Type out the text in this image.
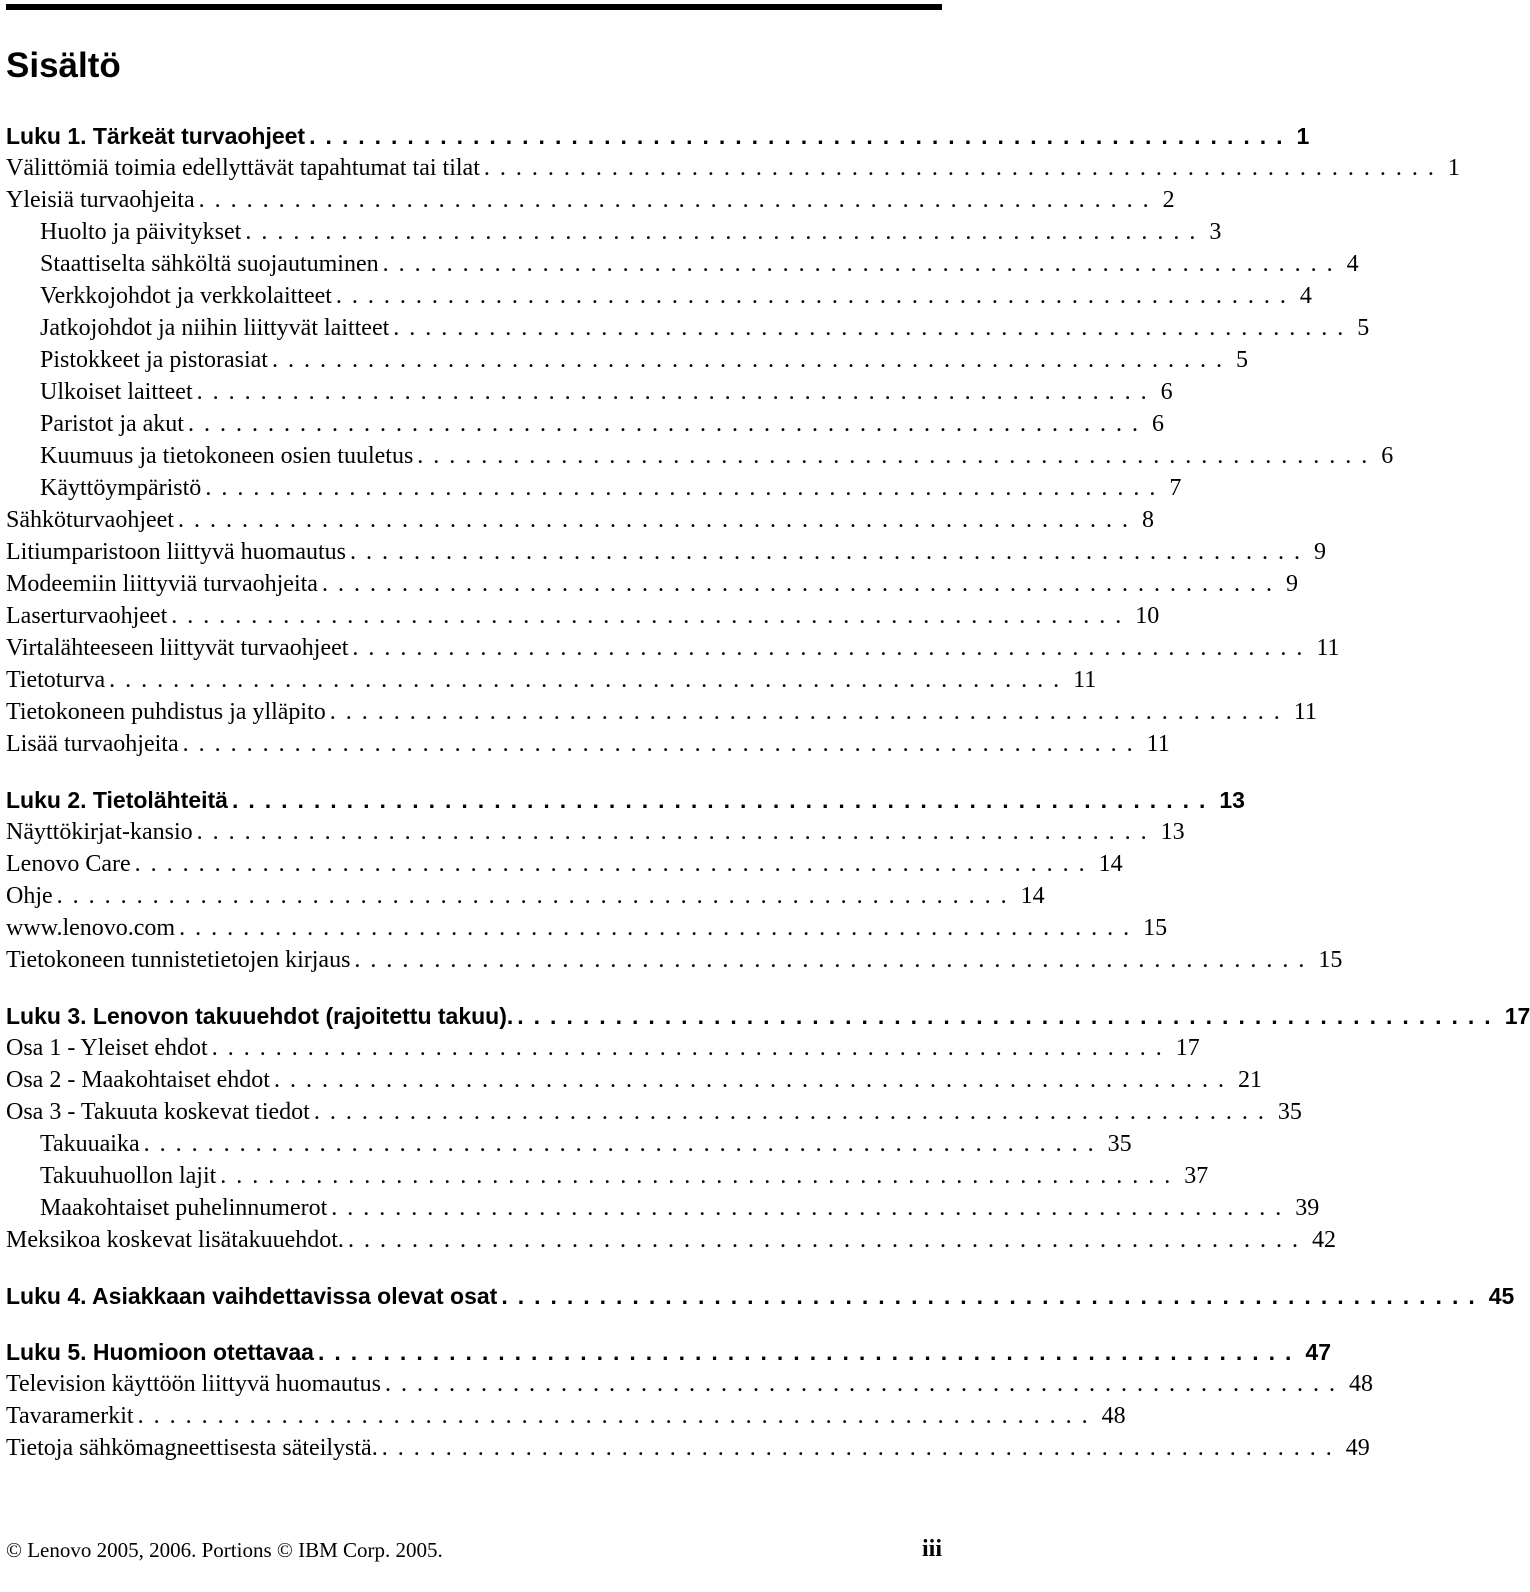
Sisältö
Luku 1. Tärkeät turvaohjeet ............................................................ 1
Välittömiä toimia edellyttävät tapahtumat tai tilat ............................................................ 1
Yleisiä turvaohjeita ............................................................ 2
Huolto ja päivitykset ............................................................ 3
Staattiselta sähköltä suojautuminen ............................................................ 4
Verkkojohdot ja verkkolaitteet ............................................................ 4
Jatkojohdot ja niihin liittyvät laitteet ............................................................ 5
Pistokkeet ja pistorasiat ............................................................ 5
Ulkoiset laitteet ............................................................ 6
Paristot ja akut ............................................................ 6
Kuumuus ja tietokoneen osien tuuletus ............................................................ 6
Käyttöympäristö ............................................................ 7
Sähköturvaohjeet ............................................................ 8
Litiumparistoon liittyvä huomautus ............................................................ 9
Modeemiin liittyviä turvaohjeita ............................................................ 9
Laserturvaohjeet ............................................................ 10
Virtalähteeseen liittyvät turvaohjeet ............................................................ 11
Tietoturva ............................................................ 11
Tietokoneen puhdistus ja ylläpito ............................................................ 11
Lisää turvaohjeita ............................................................ 11
Luku 2. Tietolähteitä ............................................................ 13
Näyttökirjat-kansio ............................................................ 13
Lenovo Care ............................................................ 14
Ohje ............................................................ 14
www.lenovo.com ............................................................ 15
Tietokoneen tunnistetietojen kirjaus ............................................................ 15
Luku 3. Lenovon takuuehdot (rajoitettu takuu). ............................................................ 17
Osa 1 - Yleiset ehdot ............................................................ 17
Osa 2 - Maakohtaiset ehdot ............................................................ 21
Osa 3 - Takuuta koskevat tiedot ............................................................ 35
Takuuaika ............................................................ 35
Takuuhuollon lajit ............................................................ 37
Maakohtaiset puhelinnumerot ............................................................ 39
Meksikoa koskevat lisätakuuehdot. ............................................................ 42
Luku 4. Asiakkaan vaihdettavissa olevat osat ............................................................ 45
Luku 5. Huomioon otettavaa ............................................................ 47
Television käyttöön liittyvä huomautus ............................................................ 48
Tavaramerkit ............................................................ 48
Tietoja sähkömagneettisesta säteilystä. ............................................................ 49
© Lenovo 2005, 2006. Portions © IBM Corp. 2005.	iii
